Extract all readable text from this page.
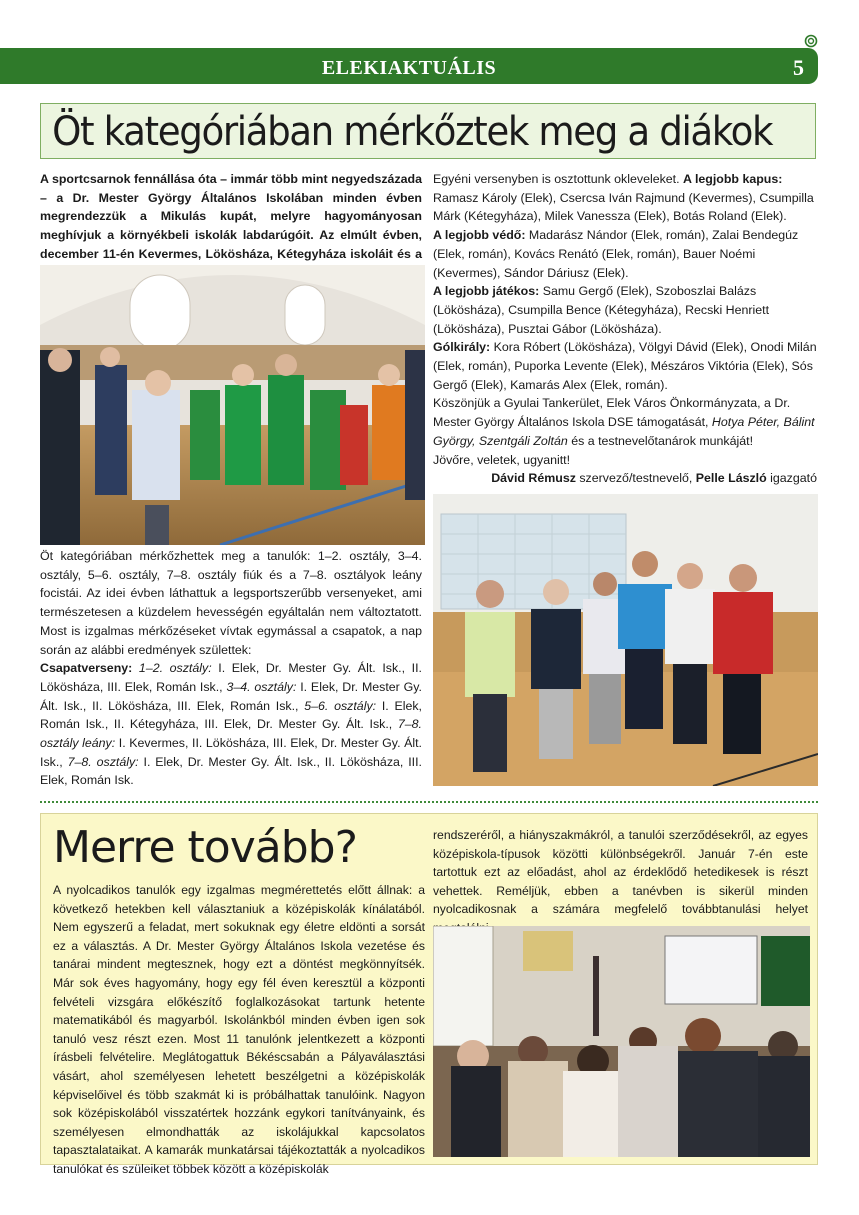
ELEKIAKTUÁLIS	5
Öt kategóriában mérkőztek meg a diákok

A sportcsarnok fennállása óta – immár több mint negyedszázada – a Dr. Mester György Általános Iskolában minden évben megrendezzük a Mikulás kupát, melyre hagyományosan meghívjuk a környékbeli iskolák labdarúgóit. Az elmúlt évben, december 11-én Kevermes, Lökösháza, Kétegyháza iskoláit és a

Öt kategóriában mérkőzhettek meg a tanulók: 1–2. osztály, 3–4. osztály, 5–6. osztály, 7–8. osztály fiúk és a 7–8. osztályok leány focistái. Az idei évben láthattuk a legsportszerűbb versenyeket, ami természetesen a küzdelem hevességén egyáltalán nem változtatott. Most is izgalmas mérkőzéseket vívtak egymással a csapatok, a nap során az alábbi eredmények születtek:

Csapatverseny: 1–2. osztály: I. Elek, Dr. Mester Gy. Ált. Isk., II. Lökösháza, III. Elek, Román Isk., 3–4. osztály: I. Elek, Dr. Mester Gy. Ált. Isk., II. Lökösháza, III. Elek, Román Isk., 5–6. osztály: I. Elek, Román Isk., II. Kétegyháza, III. Elek, Dr. Mester Gy. Ált. Isk., 7–8. osztály leány: I. Kevermes, II. Lökösháza, III. Elek, Dr. Mester Gy. Ált. Isk., 7–8. osztály: I. Elek, Dr. Mester Gy. Ált. Isk., II. Lökösháza, III. Elek, Román Isk.

Egyéni versenyben is osztottunk okleveleket. A legjobb kapus: Ramasz Károly (Elek), Csercsa Iván Rajmund (Kevermes), Csumpilla Márk (Kétegyháza), Milek Vanessza (Elek), Botás Roland (Elek).

A legjobb védő: Madarász Nándor (Elek, román), Zalai Bendegúz (Elek, román), Kovács Renátó (Elek, román), Bauer Noémi (Kevermes), Sándor Dáriusz (Elek).

A legjobb játékos: Samu Gergő (Elek), Szoboszlai Balázs (Lökösháza), Csumpilla Bence (Kétegyháza), Recski Henriett (Lökösháza), Pusztai Gábor (Lökösháza).

Gólkirály: Kora Róbert (Lökösháza), Völgyi Dávid (Elek), Onodi Milán (Elek, román), Puporka Levente (Elek), Mészáros Viktória (Elek), Sós Gergő (Elek), Kamarás Alex (Elek, román).

Köszönjük a Gyulai Tankerület, Elek Város Önkormányzata, a Dr. Mester György Általános Iskola DSE támogatását, Hotya Péter, Bálint György, Szentgáli Zoltán és a testnevelőtanárok munkáját!

Jövőre, veletek, ugyanitt!

Dávid Rémusz szervező/testnevelő, Pelle László igazgató

Merre tovább?

A nyolcadikos tanulók egy izgalmas megmérettetés előtt állnak: a következő hetekben kell választaniuk a középiskolák kínálatából. Nem egyszerű a feladat, mert sokuknak egy életre eldönti a sorsát ez a választás. A Dr. Mester György Általános Iskola vezetése és tanárai mindent megtesznek, hogy ezt a döntést megkönnyítsék. Már sok éves hagyomány, hogy egy fél éven keresztül a központi felvételi vizsgára előkészítő foglalkozásokat tartunk hetente matematikából és magyarból. Iskolánkból minden évben igen sok tanuló vesz részt ezen. Most 11 tanulónk jelentkezett a központi írásbeli felvételire. Meglátogattuk Békéscsabán a Pályaválasztási vásárt, ahol személyesen lehetett beszélgetni a középiskolák képviselőivel és több szakmát ki is próbálhattak tanulóink. Nagyon sok középiskolából visszatértek hozzánk egykori tanítványaink, és személyesen elmondhatták az iskolájukkal kapcsolatos tapasztalataikat. A kamarák munkatársai tájékoztatták a nyolcadikos tanulókat és szüleiket többek között a középiskolák

rendszeréről, a hiányszakmákról, a tanulói szerződésekről, az egyes középiskola-típusok közötti különbségekről. Január 7-én este tartottuk ezt az előadást, ahol az érdeklődő hetedikesek is részt vehettek. Reméljük, ebben a tanévben is sikerül minden nyolcadikosnak a számára megfelelő továbbtanulási helyet
